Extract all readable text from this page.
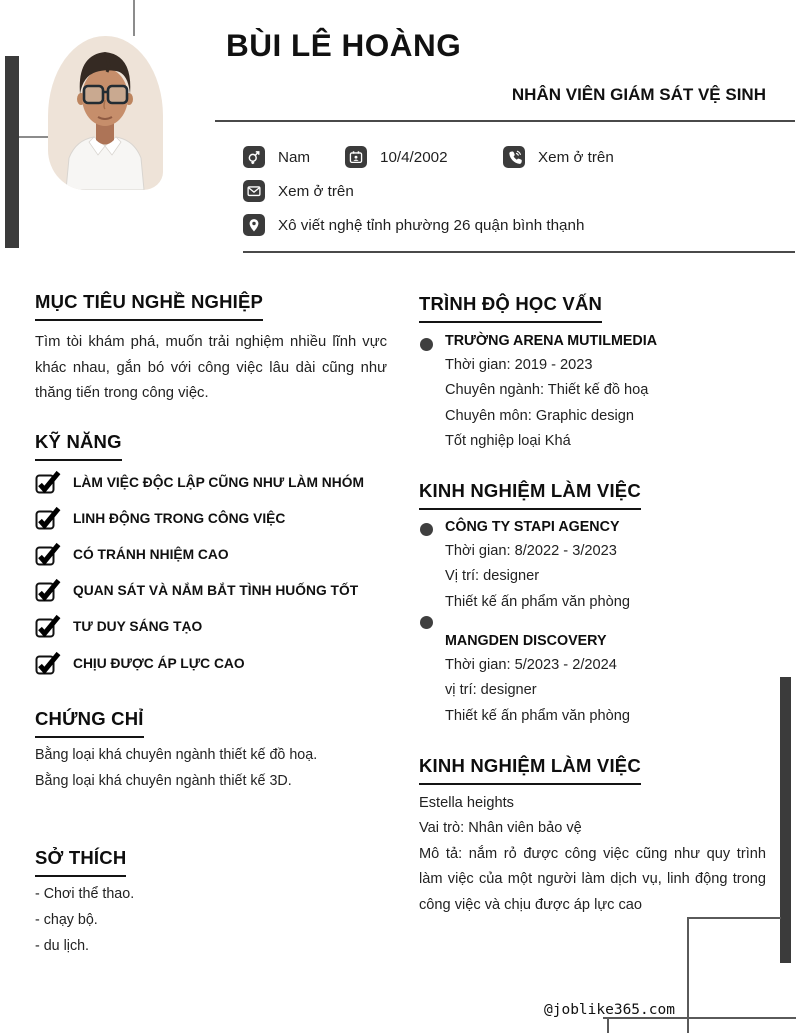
BÙI LÊ HOÀNG
NHÂN VIÊN GIÁM SÁT VỆ SINH
Nam	10/4/2002	Xem ở trên
Xem ở trên
Xô viết nghệ tỉnh phường 26 quận bình thạnh
MỤC TIÊU NGHỀ NGHIỆP
Tìm tòi khám phá, muốn trải nghiệm nhiều lĩnh vực khác nhau, gắn bó với công việc lâu dài cũng như thăng tiến trong công việc.
KỸ NĂNG
LÀM VIỆC ĐỘC LẬP CŨNG NHƯ LÀM NHÓM
LINH ĐỘNG TRONG CÔNG VIỆC
CÓ TRÁNH NHIỆM CAO
QUAN SÁT VÀ NẮM BẮT TÌNH HUỐNG TỐT
TƯ DUY SÁNG TẠO
CHỊU ĐƯỢC ÁP LỰC CAO
CHỨNG CHỈ
Bằng loại khá chuyên ngành thiết kế đồ hoạ.
Bằng loại khá chuyên ngành thiết kế 3D.
SỞ THÍCH
- Chơi thể thao.
- chạy bộ.
- du lịch.
TRÌNH ĐỘ HỌC VẤN
TRƯỜNG ARENA MUTILMEDIA
Thời gian: 2019 - 2023
Chuyên ngành: Thiết kế đồ hoạ
Chuyên môn: Graphic design
Tốt nghiệp loại Khá
KINH NGHIỆM LÀM VIỆC
CÔNG TY STAPI AGENCY
Thời gian: 8/2022 - 3/2023
Vị trí: designer
Thiết kế ấn phẩm văn phòng
MANGDEN DISCOVERY
Thời gian: 5/2023 - 2/2024
vị trí: designer
Thiết kế ấn phẩm văn phòng
KINH NGHIỆM LÀM VIỆC
Estella heights
Vai trò: Nhân viên bảo vệ

Mô tả: nắm rỏ được công việc cũng như quy trình làm việc của một người làm dịch vụ, linh động trong công việc và chịu được áp lực cao

@joblike365.com
